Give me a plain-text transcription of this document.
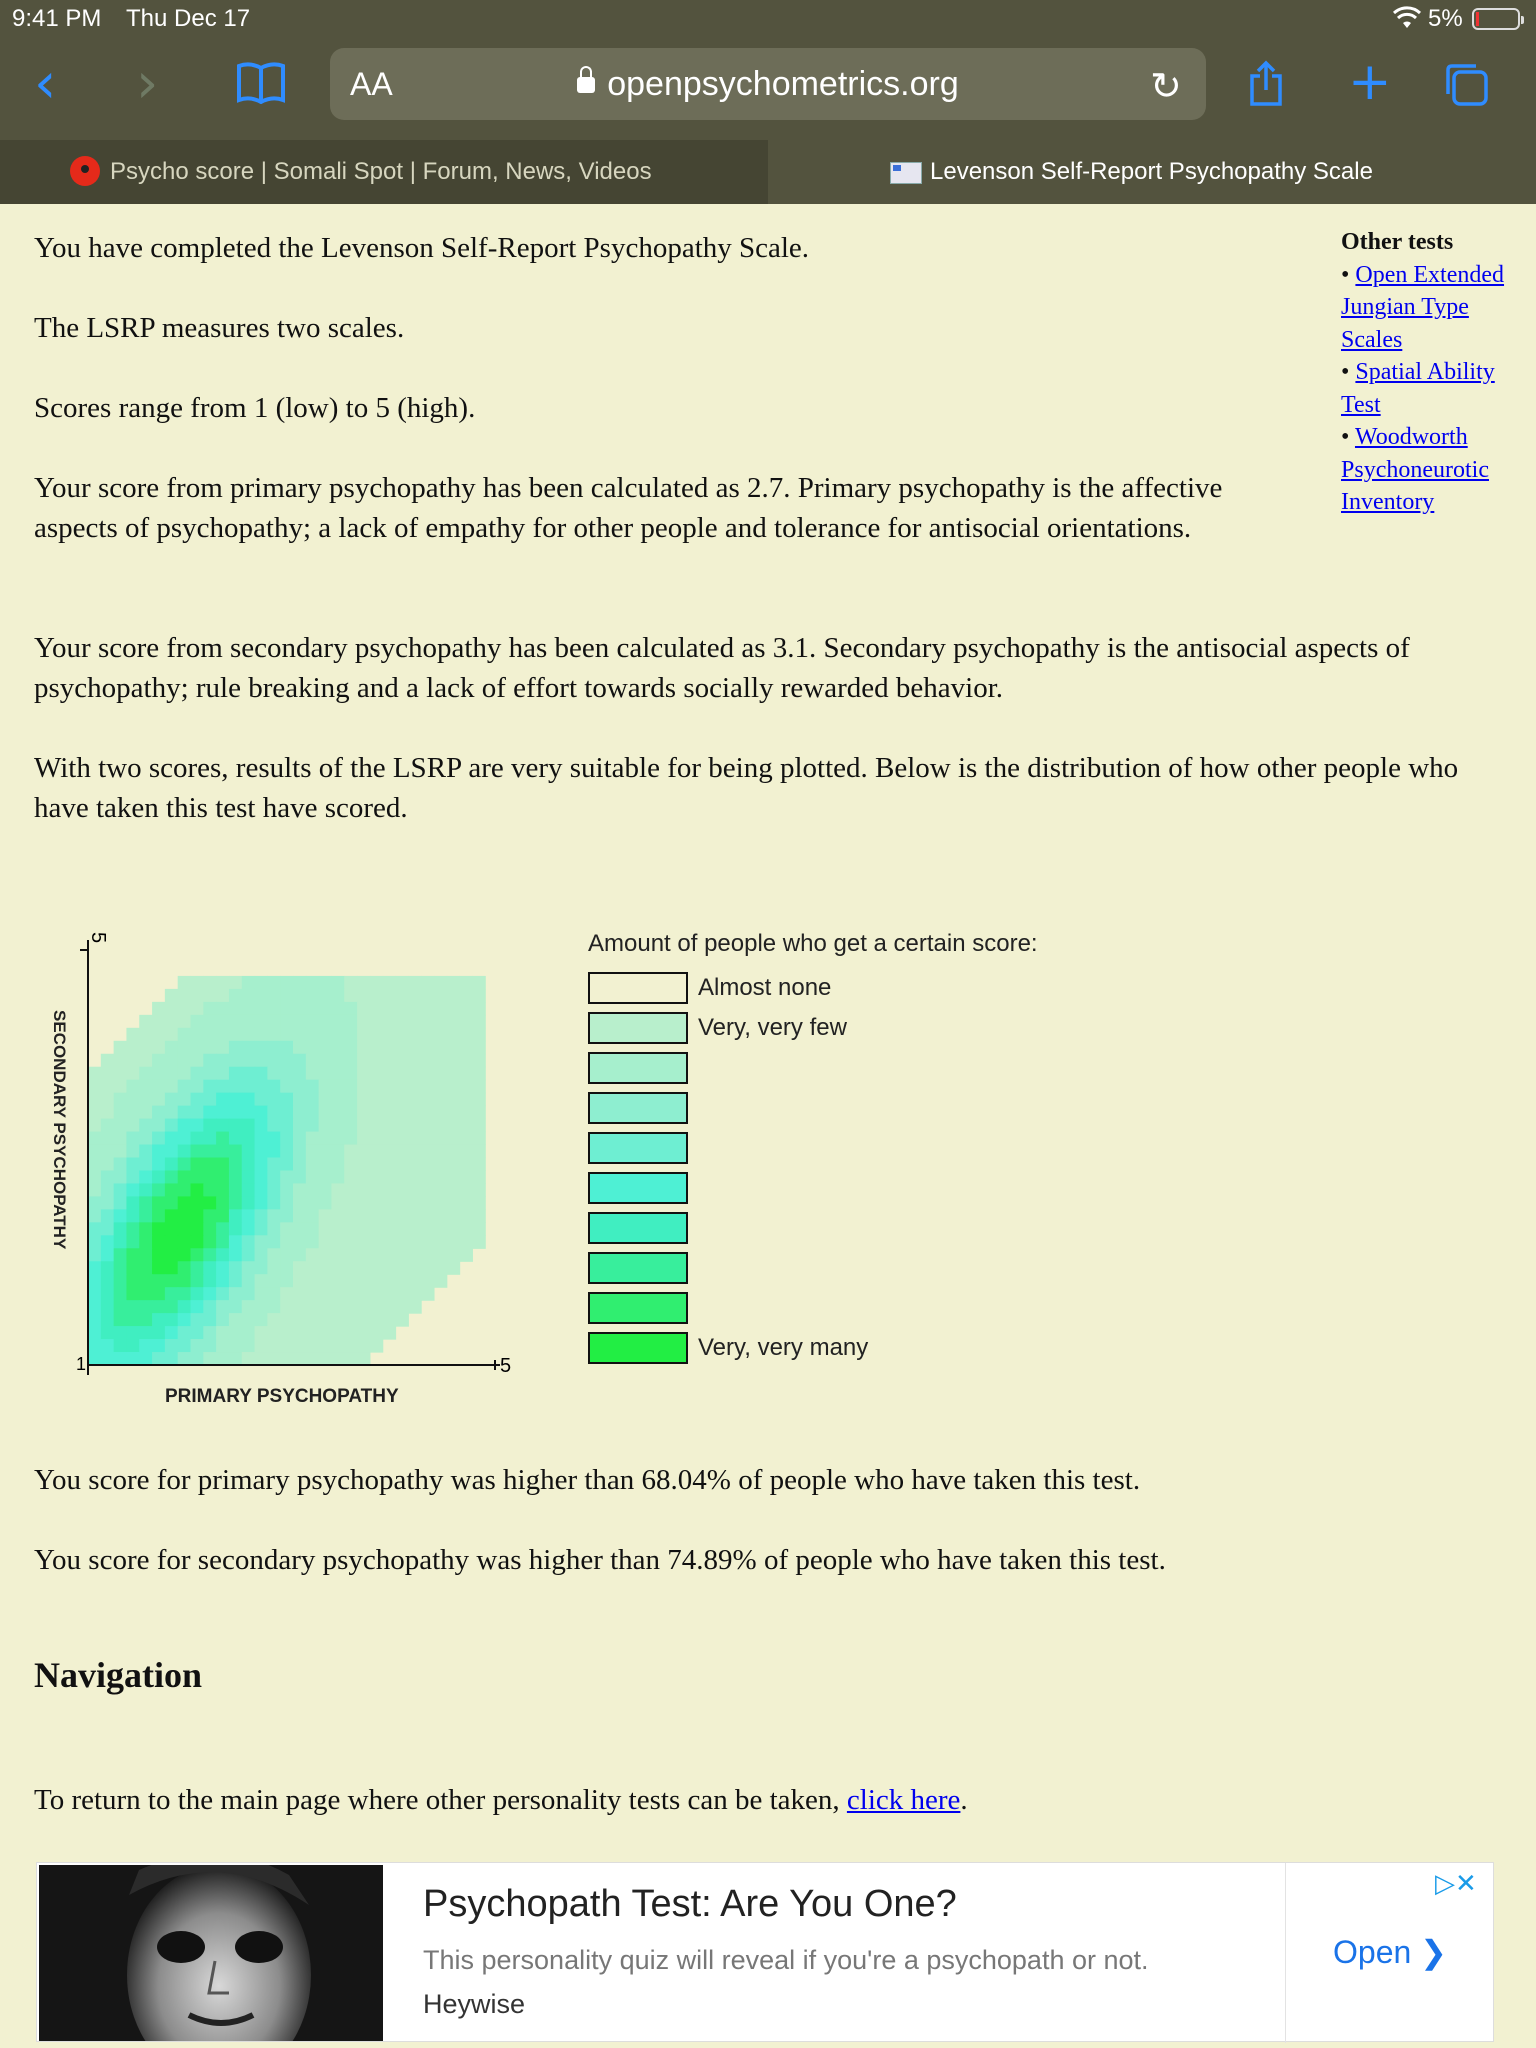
9:41 PM Thu Dec 17	5%
‹ ›	openpsychometrics.org
AA	↻	+
Psycho score | Somali Spot | Forum, News, Videos	Levenson Self-Report Psychopathy Scale

You have completed the Levenson Self-Report Psychopathy Scale.

The LSRP measures two scales.

Scores range from 1 (low) to 5 (high).

Your score from primary psychopathy has been calculated as 2.7. Primary psychopathy is the affective aspects of psychopathy; a lack of empathy for other people and tolerance for antisocial orientations.

Your score from secondary psychopathy has been calculated as 3.1. Secondary psychopathy is the antisocial aspects of psychopathy; rule breaking and a lack of effort towards socially rewarded behavior.

With two scores, results of the LSRP are very suitable for being plotted. Below is the distribution of how other people who have taken this test have scored.

Other tests
• Open Extended Jungian Type Scales
• Spatial Ability Test
• Woodworth Psychoneurotic Inventory
1	5
5
SECONDARY PSYCHOPATHY
PRIMARY PSYCHOPATHY
Amount of people who get a certain score:
Almost none
Very, very few
Very, very many

You score for primary psychopathy was higher than 68.04% of people who have taken this test.

You score for secondary psychopathy was higher than 74.89% of people who have taken this test.

Navigation

To return to the main page where other personality tests can be taken, click here.

Psychopath Test: Are You One?
This personality quiz will reveal if you're a psychopath or not.
Heywise
Open ❯
▷✕
